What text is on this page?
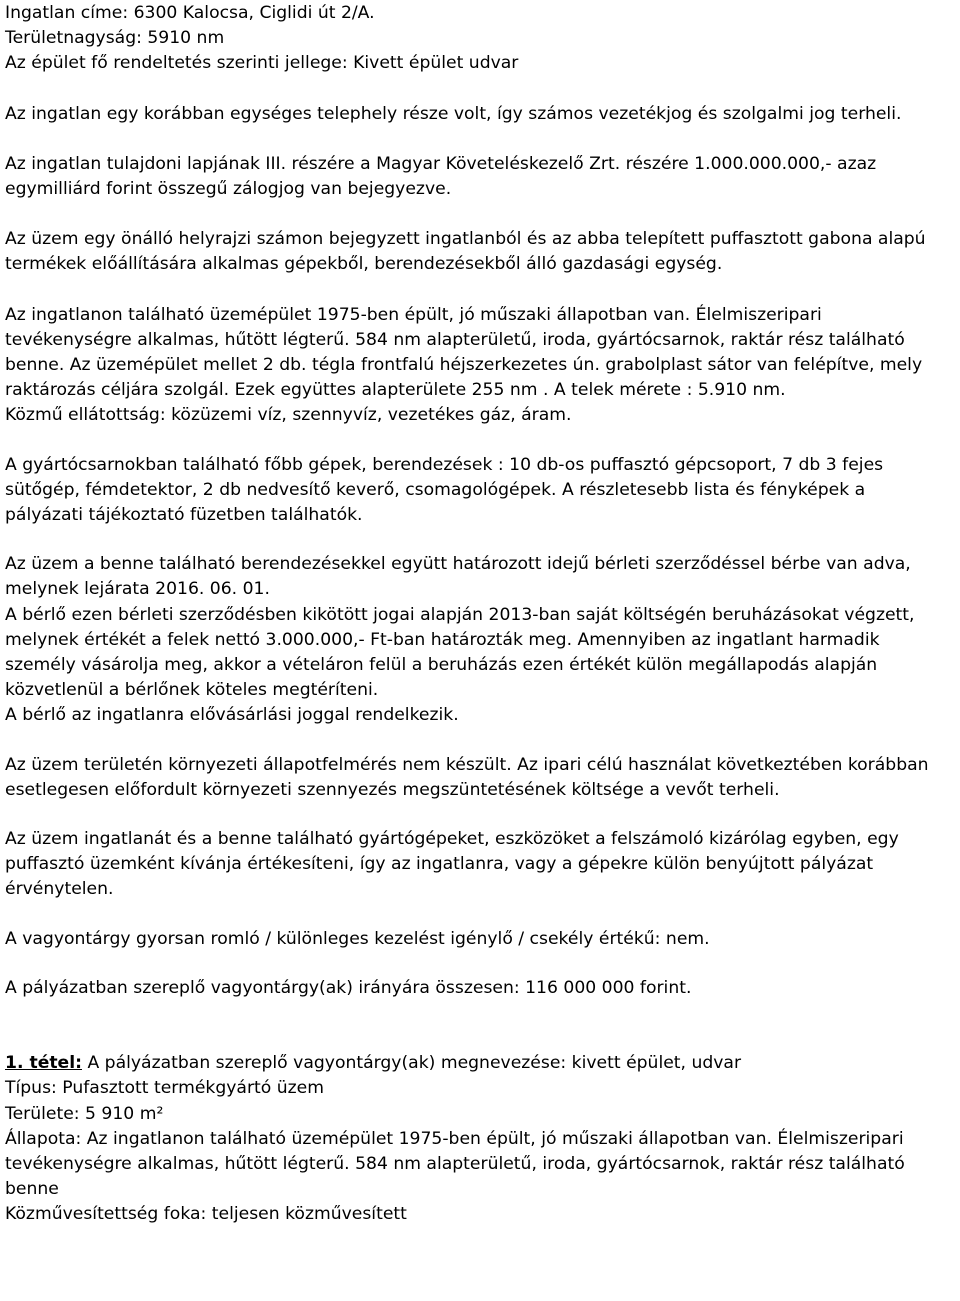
Ingatlan címe: 6300 Kalocsa, Ciglidi út 2/A.
Területnagyság: 5910 nm
Az épület fő rendeltetés szerinti jellege: Kivett épület udvar

Az ingatlan egy korábban egységes telephely része volt, így számos vezetékjog és szolgalmi jog terheli.

Az ingatlan tulajdoni lapjának III. részére a Magyar Követeléskezelő Zrt. részére 1.000.000.000,- azaz egymilliárd forint összegű zálogjog van bejegyezve.

Az üzem egy önálló helyrajzi számon bejegyzett ingatlanból és az abba telepített puffasztott gabona alapú termékek előállítására alkalmas gépekből, berendezésekből álló gazdasági egység.

Az ingatlanon található üzemépület 1975-ben épült, jó műszaki állapotban van. Élelmiszeripari tevékenységre alkalmas, hűtött légterű. 584 nm alapterületű, iroda, gyártócsarnok, raktár rész található benne. Az üzemépület mellet 2 db. tégla frontfalú héjszerkezetes ún. grabolplast sátor van felépítve, mely raktározás céljára szolgál. Ezek együttes alapterülete 255 nm . A telek mérete : 5.910 nm.

Közmű ellátottság: közüzemi víz, szennyvíz, vezetékes gáz, áram.

A gyártócsarnokban található főbb gépek, berendezések : 10 db-os puffasztó gépcsoport, 7 db 3 fejes sütőgép, fémdetektor, 2 db nedvesítő keverő, csomagológépek. A részletesebb lista és fényképek a pályázati tájékoztató füzetben találhatók.

Az üzem a benne található berendezésekkel együtt határozott idejű bérleti szerződéssel bérbe van adva, melynek lejárata 2016. 06. 01.

A bérlő ezen bérleti szerződésben kikötött jogai alapján 2013-ban saját költségén beruházásokat végzett, melynek értékét a felek nettó 3.000.000,- Ft-ban határozták meg. Amennyiben az ingatlant harmadik személy vásárolja meg, akkor a vételáron felül a beruházás ezen értékét külön megállapodás alapján közvetlenül a bérlőnek köteles megtéríteni.

A bérlő az ingatlanra elővásárlási joggal rendelkezik.

Az üzem területén környezeti állapotfelmérés nem készült. Az ipari célú használat következtében korábban esetlegesen előfordult környezeti szennyezés megszüntetésének költsége a vevőt terheli.

Az üzem ingatlanát és a benne található gyártógépeket, eszközöket a felszámoló kizárólag egyben, egy puffasztó üzemként kívánja értékesíteni, így az ingatlanra, vagy a gépekre külön benyújtott pályázat érvénytelen.

A vagyontárgy gyorsan romló / különleges kezelést igénylő / csekély értékű: nem.

A pályázatban szereplő vagyontárgy(ak) irányára összesen: 116 000 000 forint.

1. tétel: A pályázatban szereplő vagyontárgy(ak) megnevezése: kivett épület, udvar

Típus: Pufasztott termékgyártó üzem

Területe: 5 910 m²

Állapota: Az ingatlanon található üzemépület 1975-ben épült, jó műszaki állapotban van. Élelmiszeripari tevékenységre alkalmas, hűtött légterű. 584 nm alapterületű, iroda, gyártócsarnok, raktár rész található benne

Közművesítettség foka: teljesen közművesített
